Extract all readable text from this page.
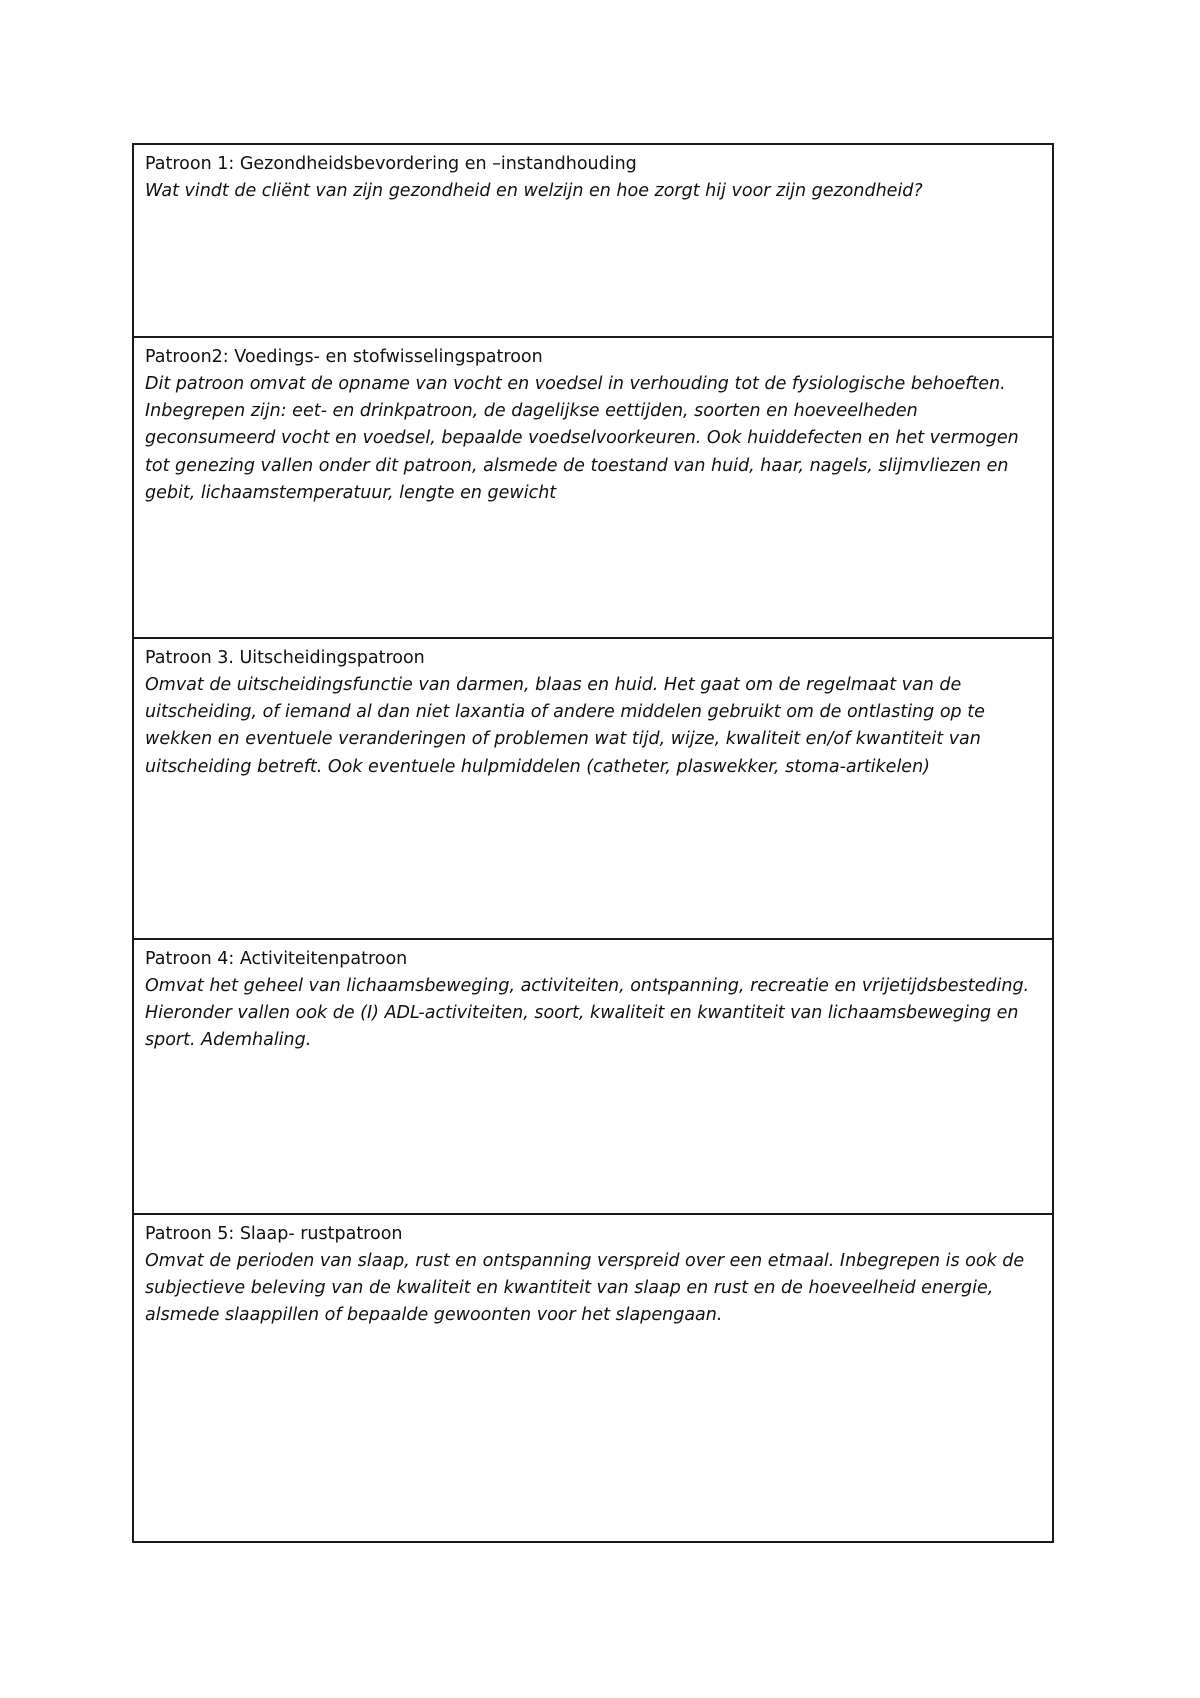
Patroon 1: Gezondheidsbevordering en –instandhouding

Wat vindt de cliënt van zijn gezondheid en welzijn en hoe zorgt hij voor zijn gezondheid?

Patroon2: Voedings- en stofwisselingspatroon

Dit patroon omvat de opname van vocht en voedsel in verhouding tot de fysiologische behoeften. Inbegrepen zijn: eet- en drinkpatroon, de dagelijkse eettijden, soorten en hoeveelheden geconsumeerd vocht en voedsel, bepaalde voedselvoorkeuren. Ook huiddefecten en het vermogen tot genezing vallen onder dit patroon, alsmede de toestand van huid, haar, nagels, slijmvliezen en gebit, lichaamstemperatuur, lengte en gewicht

Patroon 3. Uitscheidingspatroon

Omvat de uitscheidingsfunctie van darmen, blaas en huid. Het gaat om de regelmaat van de uitscheiding, of iemand al dan niet laxantia of andere middelen gebruikt om de ontlasting op te wekken en eventuele veranderingen of problemen wat tijd, wijze, kwaliteit en/of kwantiteit van uitscheiding betreft. Ook eventuele hulpmiddelen (catheter, plaswekker, stoma-artikelen)

Patroon 4: Activiteitenpatroon

Omvat het geheel van lichaamsbeweging, activiteiten, ontspanning, recreatie en vrijetijdsbesteding. Hieronder vallen ook de (I) ADL-activiteiten, soort, kwaliteit en kwantiteit van lichaamsbeweging en sport. Ademhaling.

Patroon 5: Slaap- rustpatroon

Omvat de perioden van slaap, rust en ontspanning verspreid over een etmaal. Inbegrepen is ook de subjectieve beleving van de kwaliteit en kwantiteit van slaap en rust en de hoeveelheid energie, alsmede slaappillen of bepaalde gewoonten voor het slapengaan.
